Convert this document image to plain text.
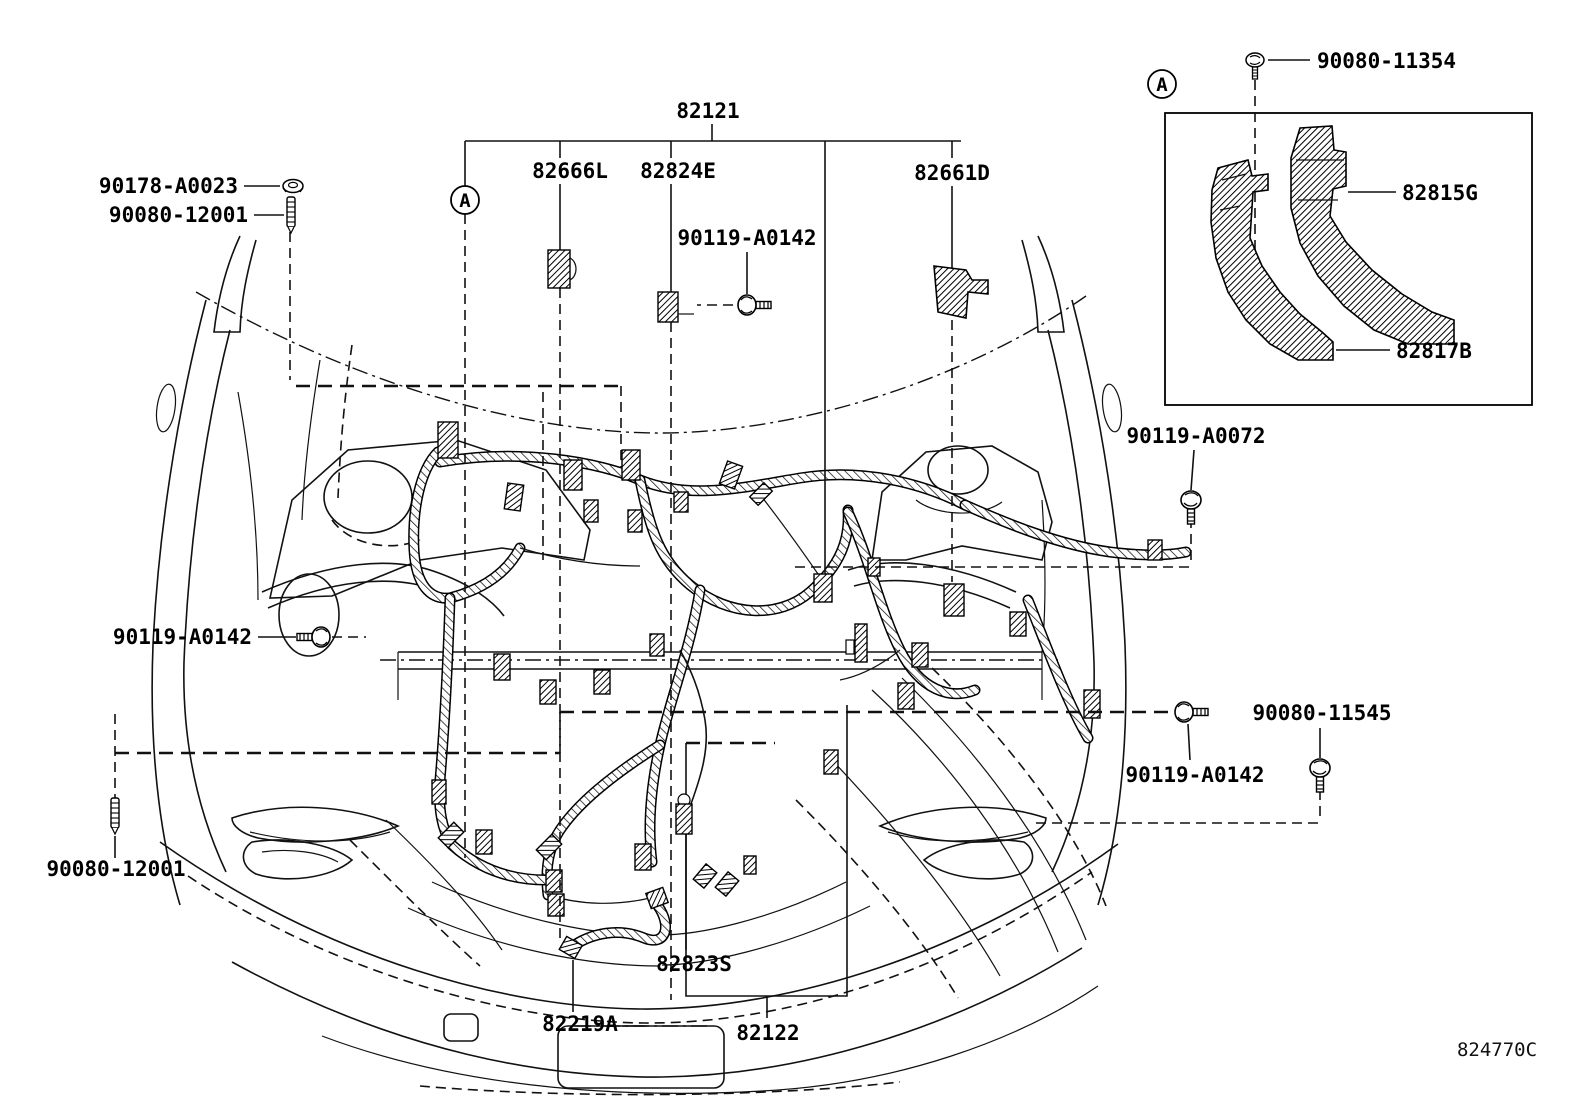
82122
82823S
82219A
82121
A
82666L 82824E	82661D
90119-A0142
90178-A0023
90080-12001
90119-A0142
90080-12001
90119-A0072
90080-11545
90119-A0142
A
90080-11354
82815G
82817B
824770C
